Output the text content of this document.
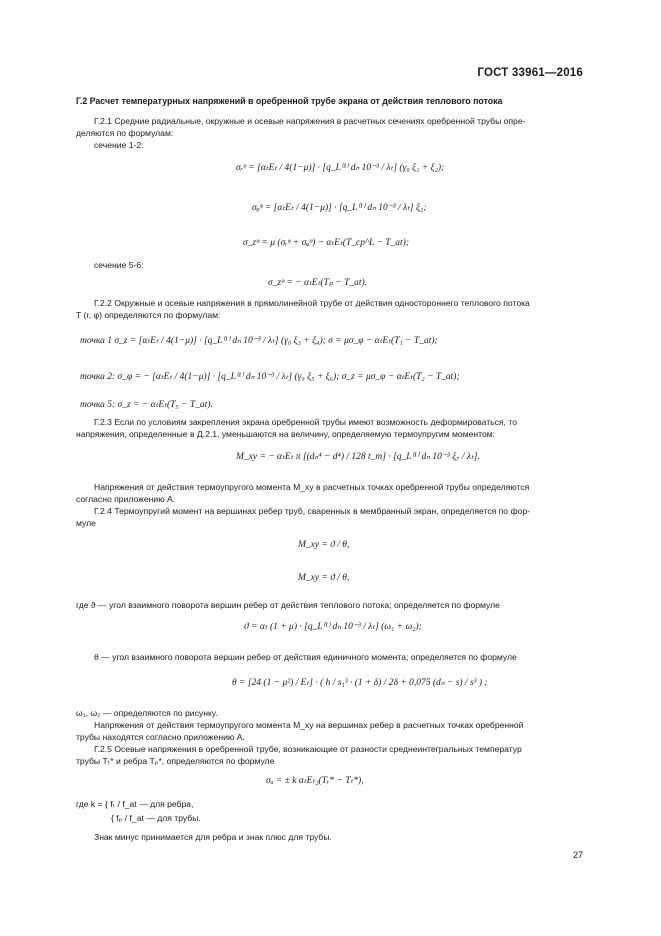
ГОСТ 33961—2016
Г.2 Расчет температурных напряжений в оребренной трубе экрана от действия теплового потока
Г.2.1 Средние радиальные, окружные и осевые напряжения в расчетных сечениях оребренной трубы опре-
деляются по формулам:
сечение 1-2:
σᵣᵠ = [αₜEₜ / 4(1−μ)] · [q_L⁽¹⁾ dₙ 10⁻³ / λₜ] (γ₀ ξ₁ + ξ₂);
σᵩᵠ = [αₜEₜ / 4(1−μ)] · [q_L⁽¹⁾ dₙ 10⁻³ / λₜ] ξ₂;
σ_zᵠ = μ (σᵣᵠ + σᵩᵠ) − αₜEₜ(T_cp^L − T_at);
сечение 5-6:
σ_zᵠ = − αₜEₜ(Tₚ − T_at).
Г.2.2 Окружные и осевые напряжения в прямолинейной трубе от действия одностороннего теплового потока
T (r, φ) определяются по формулам:
точка 1 σ_z = [αₜEₜ / 4(1−μ)] · [q_L⁽¹⁾ dₙ 10⁻³ / λₜ] (γ₀ ξ₃ + ξ₄); σ = μσ_φ − αₜEₜ(T₁ − T_at);
точка 2: σ_φ = − [αₜEₜ / 4(1−μ)] · [q_L⁽¹⁾ dₙ 10⁻³ / λₜ] (γ₀ ξ₅ + ξ₆); σ_z = μσ_φ − αₜEₜ(T₂ − T_at);
точка 5: σ_z = − αₜEₜ(T₅ − T_at).
Г.2.3 Если по условиям закрепления экрана оребренной трубы имеют возможность деформироваться, то
напряжения, определенные в Д.2.1, уменьшаются на величину, определяемую термоупругим моментом:
M_xy = − αₜEₜ π [(dₙ⁴ − d⁴) / 128 t_m] · [q_L⁽¹⁾ dₙ 10⁻³ ξ₇ / λₜ].
Напряжения от действия термоупругого момента M_xy в расчетных точках оребренной трубы определяются
согласно приложению А.
Г.2.4 Термоупругий момент на вершинах ребер труб, сваренных в мембранный экран, определяется по фор-
муле
M_xy = ϑ / θ,
M_xy = ϑ / θ,
где ϑ — угол взаимного поворота вершин ребер от действия теплового потока; определяется по формуле
ϑ = αₜ (1 + μ) · [q_L⁽¹⁾ dₙ 10⁻³ / λₜ] (ω₁ + ω₂);
θ — угол взаимного поворота вершин ребер от действия единичного момента; определяется по формуле
θ = [24 (1 − μ²) / Eₜ] · ( h / s₁³ · (1 + δ) / 2δ + 0,075 (dₙ − s) / s³ ) ;
ω₁, ω₂ — определяются по рисунку.
Напряжения от действия термоупругого момента M_xy на вершинах ребер в расчетных точках оребренной
трубы находятся согласно приложению А.
Г.2.5 Осевые напряжения в оребренной трубе, возникающие от разности среднеинтегральных температур
трубы Tₜ* и ребра Tₚ*, определяются по формуле
σₐ = ± k αₜEₜ₂(Tᵣ* − Tₜ*),
где k = { fₜ / f_at — для ребра,
{ fₚ / f_at — для трубы.
Знак минус принимается для ребра и знак плюс для трубы.
27
